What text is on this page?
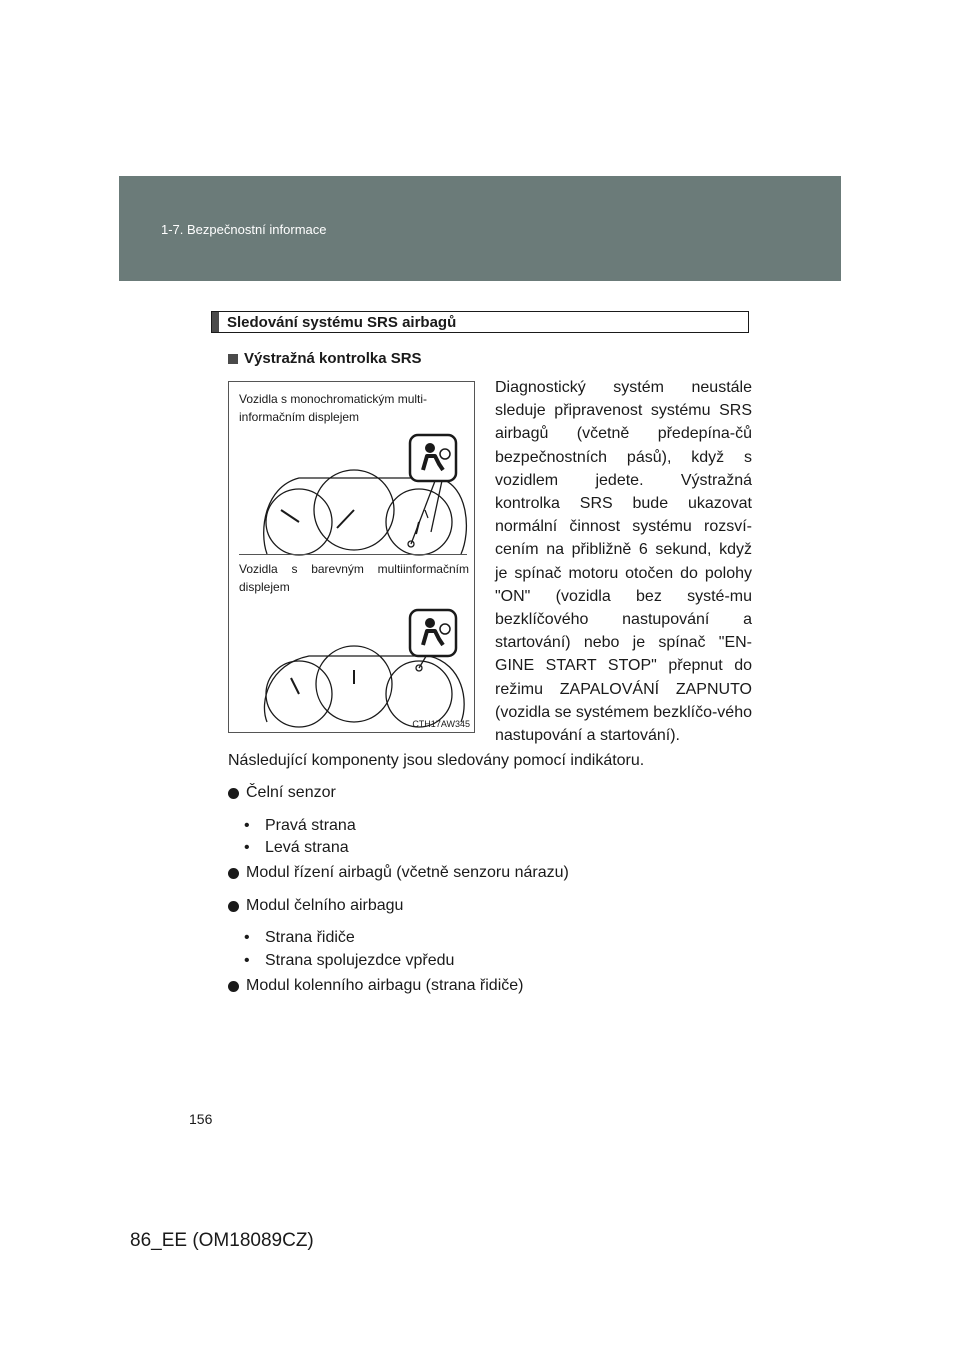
1-7. Bezpečnostní informace
Sledování systému SRS airbagů
Výstražná kontrolka SRS
Vozidla s monochromatickým multi-informačním displejem
Vozidla s barevným multiinformačním displejem
CTH17AW345
Diagnostický systém neustále sleduje připravenost systému SRS airbagů (včetně předepína-čů bezpečnostních pásů), když s vozidlem jedete. Výstražná kontrolka SRS bude ukazovat normální činnost systému rozsví-cením na přibližně 6 sekund, když je spínač motoru otočen do polohy "ON" (vozidla bez systé-mu bezklíčového nastupování a startování) nebo je spínač "EN-GINE START STOP" přepnut do režimu ZAPALOVÁNÍ ZAPNUTO (vozidla se systémem bezklíčo-vého nastupování a startování).
Následující komponenty jsou sledovány pomocí indikátoru.
Čelní senzor
• Pravá strana
• Levá strana
Modul řízení airbagů (včetně senzoru nárazu)
Modul čelního airbagu
• Strana řidiče
• Strana spolujezdce vpředu
Modul kolenního airbagu (strana řidiče)
156
86_EE (OM18089CZ)
